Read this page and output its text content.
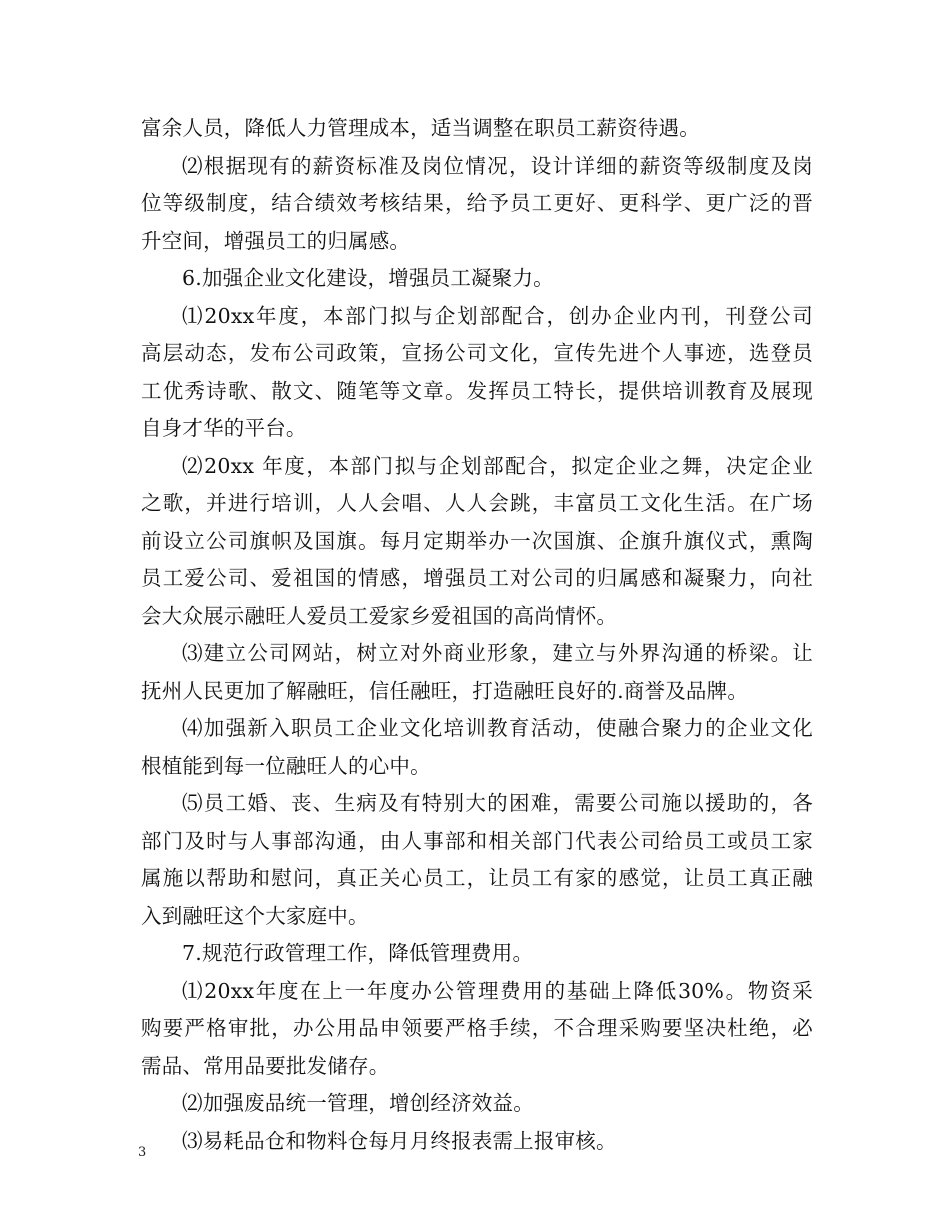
富余人员，降低人力管理成本，适当调整在职员工薪资待遇。
⑵根据现有的薪资标准及岗位情况，设计详细的薪资等级制度及岗
位等级制度，结合绩效考核结果，给予员工更好、更科学、更广泛的晋
升空间，增强员工的归属感。
6.加强企业文化建设，增强员工凝聚力。
⑴20xx年度，本部门拟与企划部配合，创办企业内刊，刊登公司
高层动态，发布公司政策，宣扬公司文化，宣传先进个人事迹，选登员
工优秀诗歌、散文、随笔等文章。发挥员工特长，提供培训教育及展现
自身才华的平台。
⑵20xx 年度，本部门拟与企划部配合，拟定企业之舞，决定企业
之歌，并进行培训，人人会唱、人人会跳，丰富员工文化生活。在广场
前设立公司旗帜及国旗。每月定期举办一次国旗、企旗升旗仪式，熏陶
员工爱公司、爱祖国的情感，增强员工对公司的归属感和凝聚力，向社
会大众展示融旺人爱员工爱家乡爱祖国的高尚情怀。
⑶建立公司网站，树立对外商业形象，建立与外界沟通的桥梁。让
抚州人民更加了解融旺，信任融旺，打造融旺良好的.商誉及品牌。
⑷加强新入职员工企业文化培训教育活动，使融合聚力的企业文化
根植能到每一位融旺人的心中。
⑸员工婚、丧、生病及有特别大的困难，需要公司施以援助的，各
部门及时与人事部沟通，由人事部和相关部门代表公司给员工或员工家
属施以帮助和慰问，真正关心员工，让员工有家的感觉，让员工真正融
入到融旺这个大家庭中。
7.规范行政管理工作，降低管理费用。
⑴20xx年度在上一年度办公管理费用的基础上降低30%。物资采
购要严格审批，办公用品申领要严格手续，不合理采购要坚决杜绝，必
需品、常用品要批发储存。
⑵加强废品统一管理，增创经济效益。
⑶易耗品仓和物料仓每月月终报表需上报审核。
3
